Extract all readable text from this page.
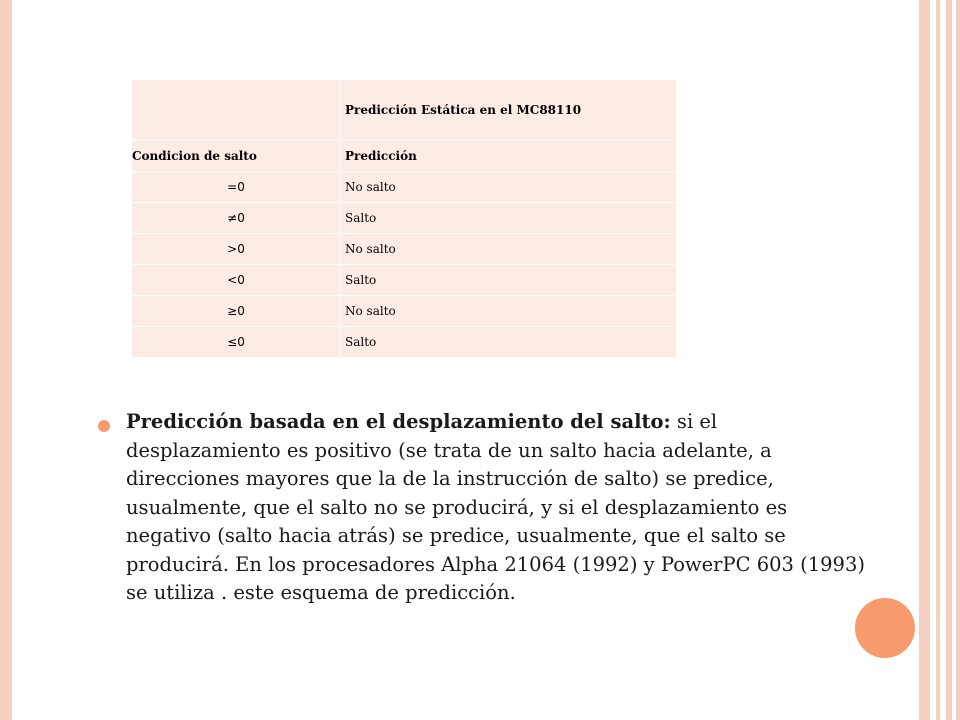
	Predicción Estática en el MC88110
Condicion de salto	Predicción
=0	No salto
≠0	Salto
>0	No salto
<0	Salto
≥0	No salto
≤0	Salto

Predicción basada en el desplazamiento del salto: si el desplazamiento es positivo (se trata de un salto hacia adelante, a direcciones mayores que la de la instrucción de salto) se predice, usualmente, que el salto no se producirá, y si el desplazamiento es negativo (salto hacia atrás) se predice, usualmente, que el salto se producirá. En los procesadores Alpha 21064 (1992) y PowerPC 603 (1993) se utiliza . este esquema de predicción.
